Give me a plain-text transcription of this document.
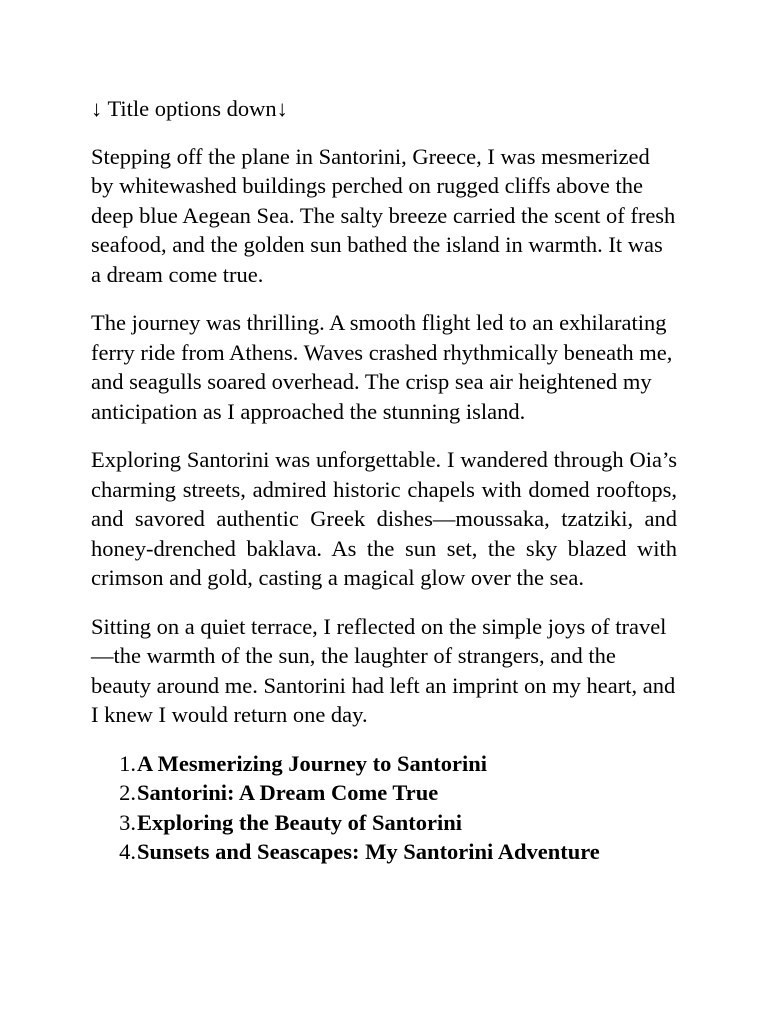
↓ Title options down↓

Stepping off the plane in Santorini, Greece, I was mesmerized by whitewashed buildings perched on rugged cliffs above the deep blue Aegean Sea. The salty breeze carried the scent of fresh seafood, and the golden sun bathed the island in warmth. It was a dream come true.

The journey was thrilling. A smooth flight led to an exhilarating ferry ride from Athens. Waves crashed rhythmically beneath me, and seagulls soared overhead. The crisp sea air heightened my anticipation as I approached the stunning island.

Exploring Santorini was unforgettable. I wandered through Oia’s charming streets, admired historic chapels with domed rooftops, and savored authentic Greek dishes—moussaka, tzatziki, and honey-drenched baklava. As the sun set, the sky blazed with crimson and gold, casting a magical glow over the sea.

Sitting on a quiet terrace, I reflected on the simple joys of travel—the warmth of the sun, the laughter of strangers, and the beauty around me. Santorini had left an imprint on my heart, and I knew I would return one day.

1. A Mesmerizing Journey to Santorini
2. Santorini: A Dream Come True
3. Exploring the Beauty of Santorini
4. Sunsets and Seascapes: My Santorini Adventure
